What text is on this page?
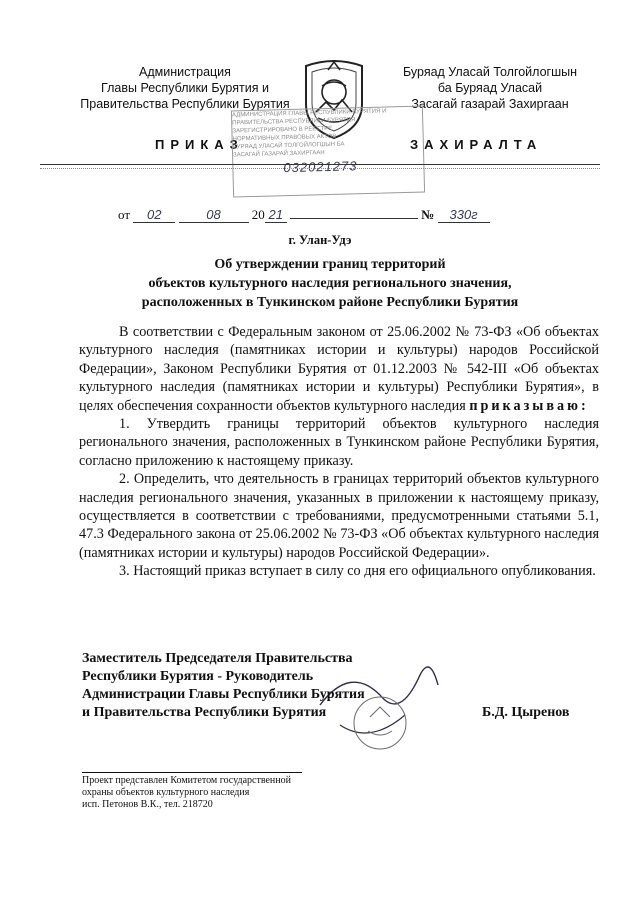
Администрация
Главы Республики Бурятия и
Правительства Республики Бурятия
Буряад Уласай Толгойлогшын
ба Буряад Уласай
Засагай газарай Захиргаан
ПРИКАЗ	ЗАХИРАЛТА
АДМИНИСТРАЦИЯ ГЛАВЫ РЕСПУБЛИКИ БУРЯТИЯ И
ПРАВИТЕЛЬСТВА РЕСПУБЛИКИ БУРЯТИЯ
ЗАРЕГИСТРИРОВАНО В РЕЕСТРЕ
НОРМАТИВНЫХ ПРАВОВЫХ АКТОВ
БУРЯАД УЛАСАЙ ТОЛГОЙЛОГШЫН БА
ЗАСАГАЙ ГАЗАРАЙ ЗАХИРГААН
032021273
от 02	08 20 21	№ 330г
г. Улан-Удэ
Об утверждении границ территорий
объектов культурного наследия регионального значения,
расположенных в Тункинском районе Республики Бурятия

В соответствии с Федеральным законом от 25.06.2002 № 73-ФЗ «Об объектах культурного наследия (памятниках истории и культуры) народов Российской Федерации», Законом Республики Бурятия от 01.12.2003 № 542-III «Об объектах культурного наследия (памятниках истории и культуры) Республики Бурятия», в целях обеспечения сохранности объектов культурного наследия приказываю:

1. Утвердить границы территорий объектов культурного наследия регионального значения, расположенных в Тункинском районе Республики Бурятия, согласно приложению к настоящему приказу.

2. Определить, что деятельность в границах территорий объектов культурного наследия регионального значения, указанных в приложении к настоящему приказу, осуществляется в соответствии с требованиями, предусмотренными статьями 5.1, 47.3 Федерального закона от 25.06.2002 № 73-ФЗ «Об объектах культурного наследия (памятниках истории и культуры) народов Российской Федерации».

3. Настоящий приказ вступает в силу со дня его официального опубликования.

Заместитель Председателя Правительства
Республики Бурятия - Руководитель
Администрации Главы Республики Бурятия
и Правительства Республики Бурятия	Б.Д. Цыренов
Проект представлен Комитетом государственной
охраны объектов культурного наследия
исп. Петонов В.К., тел. 218720
